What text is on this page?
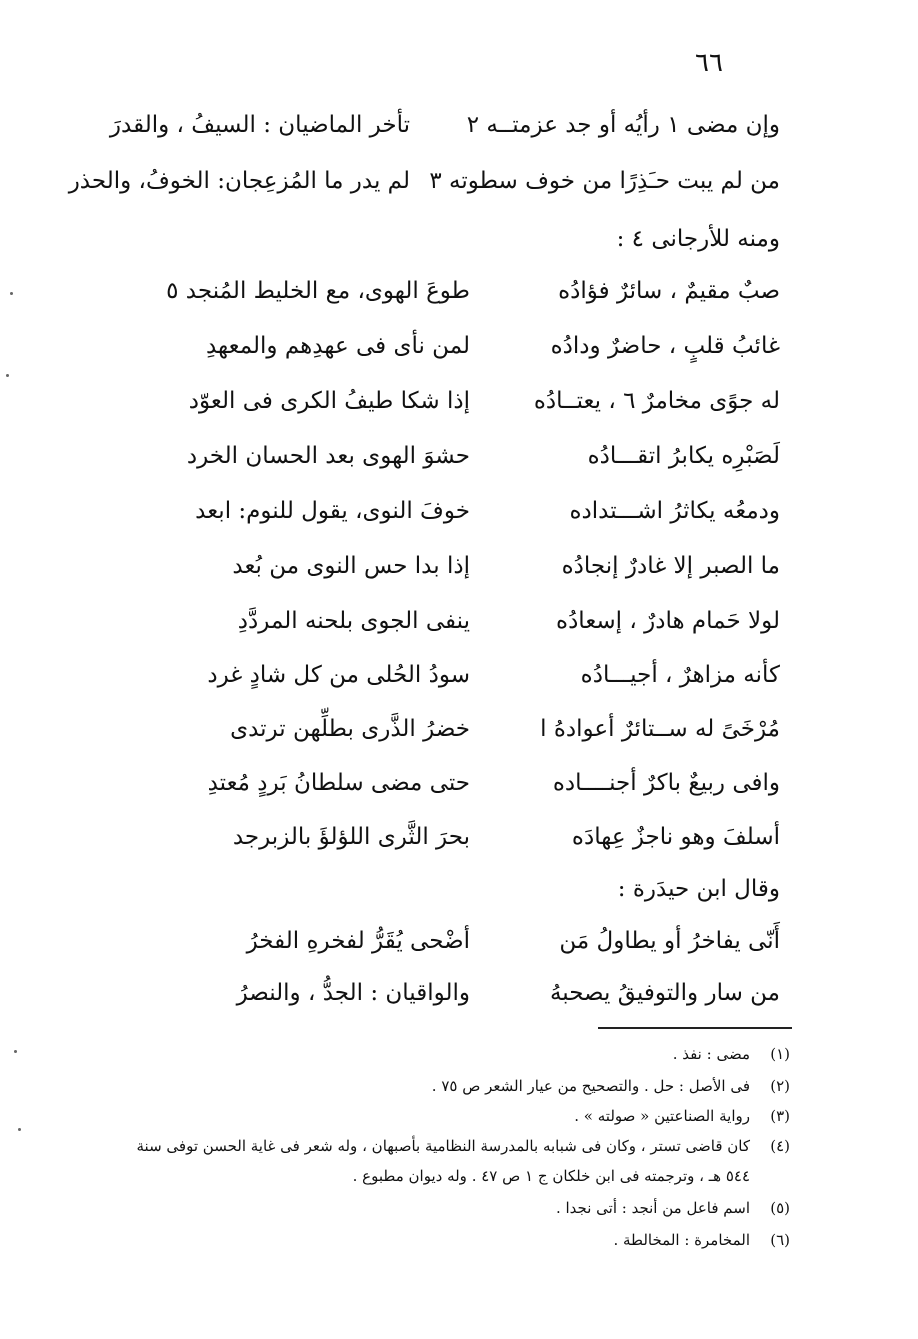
٦٦
وإن مضى ١ رأيُه أو جد عزمتــه ٢
تأخر الماضيان : السيفُ ، والقدرَ
من لم يبت حـَذِرًا من خوف سطوته ٣
لم يدر ما المُزعِجان: الخوفُ، والحذر
ومنه للأرجانى ٤ :
صبٌ مقيمٌ ، سائرٌ فؤادُه
طوعَ الهوى، مع الخليط المُنجد ٥
غائبُ قلبٍ ، حاضرٌ ودادُه
لمن نأى فى عهدِهم والمعهدِ
له جوًى مخامرٌ ٦ ، يعتــادُه
إذا شكا طيفُ الكرى فى العوّد
لَصَبْرِه يكابرُ اتقـــادُه
حشوَ الهوى بعد الحسان الخرد
ودمعُه يكاثرُ اشـــتداده
خوفَ النوى، يقول للنوم: ابعد
ما الصبر إلا غادرٌ إنجادُه
إذا بدا حس النوى من بُعد
لولا حَمام هادرٌ ، إسعادُه
ينفى الجوى بلحنه المردَّدِ
كأنه مزاهرٌ ، أجيـــادُه
سودُ الحُلى من كل شادٍ غرد
مُرْخَىً له ســتائرٌ أعوادهُ ا
خضرُ الذَّرى بطلِّهن ترتدى
وافى ربيعٌ باكرٌ أجنــــاده
حتى مضى سلطانُ بَردٍ مُعتدِ
أسلفَ وهو ناجزٌ عِهادَه
بحرَ الثَّرى اللؤلؤَ بالزبرجد
وقال ابن حيدَرة :
أَنّى يفاخرُ أو يطاولُ مَن
أضْحى يُقَرُّ لفخرهِ الفخرُ
من سار والتوفيقُ يصحبهُ
والواقيان : الجدُّ ، والنصرُ
(١)مضى : نفذ .
(٢)فى الأصل : حل . والتصحيح من عيار الشعر ص ٧٥ .
(٣)رواية الصناعتين « صولته » .
(٤)كان قاضى تستر ، وكان فى شبابه بالمدرسة النظامية بأصبهان ، وله شعر فى غاية الحسن توفى سنة
٥٤٤ هـ ، وترجمته فى ابن خلكان ج ١ ص ٤٧ . وله ديوان مطبوع .
(٥)اسم فاعل من أنجد : أتى نجدا .
(٦)المخامرة : المخالطة .
